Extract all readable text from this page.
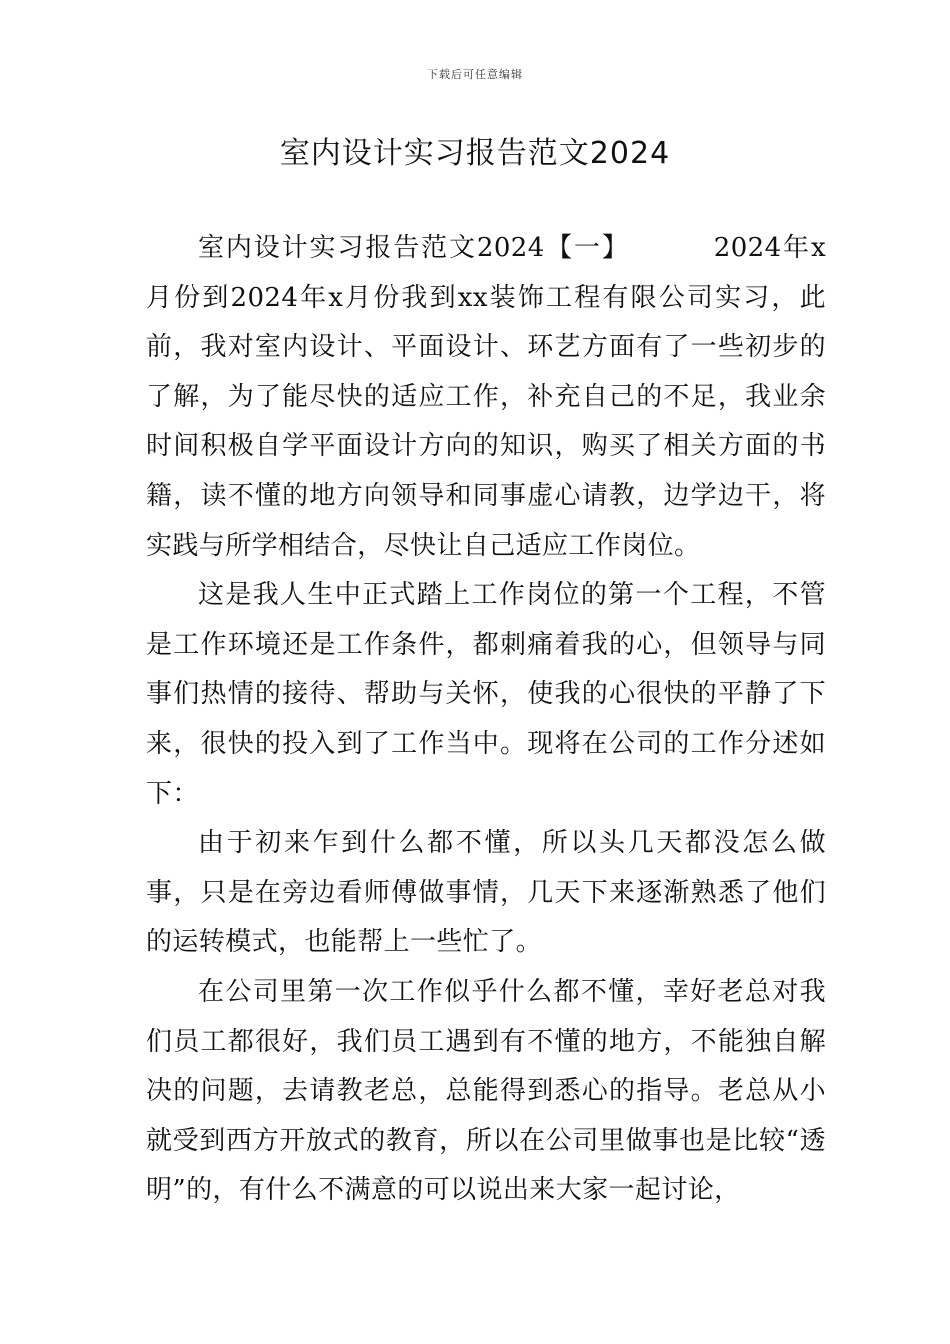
下载后可任意编辑
室内设计实习报告范文2024

室内设计实习报告范文2024【一】	2024年x月份到2024年x月份我到xx装饰工程有限公司实习，此前，我对室内设计、平面设计、环艺方面有了一些初步的了解，为了能尽快的适应工作，补充自己的不足，我业余时间积极自学平面设计方向的知识，购买了相关方面的书籍，读不懂的地方向领导和同事虚心请教，边学边干，将实践与所学相结合，尽快让自己适应工作岗位。

这是我人生中正式踏上工作岗位的第一个工程，不管是工作环境还是工作条件，都刺痛着我的心，但领导与同事们热情的接待、帮助与关怀，使我的心很快的平静了下来，很快的投入到了工作当中。现将在公司的工作分述如下：

由于初来乍到什么都不懂，所以头几天都没怎么做事，只是在旁边看师傅做事情，几天下来逐渐熟悉了他们的运转模式，也能帮上一些忙了。

在公司里第一次工作似乎什么都不懂，幸好老总对我们员工都很好，我们员工遇到有不懂的地方，不能独自解决的问题，去请教老总，总能得到悉心的指导。老总从小就受到西方开放式的教育，所以在公司里做事也是比较“透明”的，有什么不满意的可以说出来大家一起讨论，
